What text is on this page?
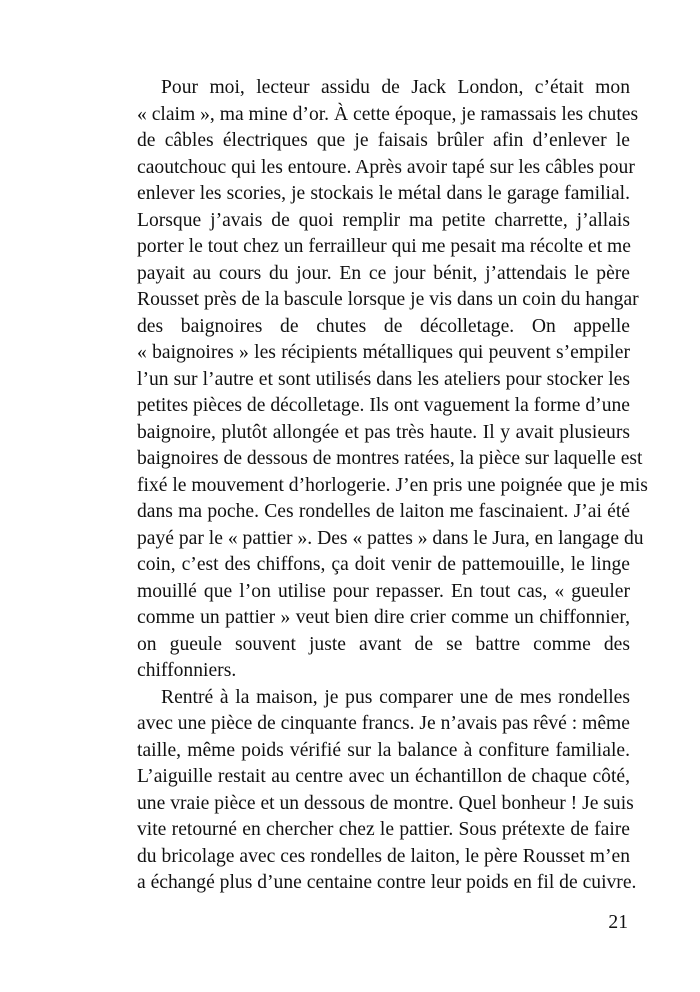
Pour moi, lecteur assidu de Jack London, c’était mon
« claim », ma mine d’or. À cette époque, je ramassais les chutes
de câbles électriques que je faisais brûler afin d’enlever le
caoutchouc qui les entoure. Après avoir tapé sur les câbles pour
enlever les scories, je stockais le métal dans le garage familial.
Lorsque j’avais de quoi remplir ma petite charrette, j’allais
porter le tout chez un ferrailleur qui me pesait ma récolte et me
payait au cours du jour. En ce jour bénit, j’attendais le père
Rousset près de la bascule lorsque je vis dans un coin du hangar
des baignoires de chutes de décolletage. On appelle
« baignoires » les récipients métalliques qui peuvent s’empiler
l’un sur l’autre et sont utilisés dans les ateliers pour stocker les
petites pièces de décolletage. Ils ont vaguement la forme d’une
baignoire, plutôt allongée et pas très haute. Il y avait plusieurs
baignoires de dessous de montres ratées, la pièce sur laquelle est
fixé le mouvement d’horlogerie. J’en pris une poignée que je mis
dans ma poche. Ces rondelles de laiton me fascinaient. J’ai été
payé par le « pattier ». Des « pattes » dans le Jura, en langage du
coin, c’est des chiffons, ça doit venir de pattemouille, le linge
mouillé que l’on utilise pour repasser. En tout cas, « gueuler
comme un pattier » veut bien dire crier comme un chiffonnier,
on gueule souvent juste avant de se battre comme des
chiffonniers.
Rentré à la maison, je pus comparer une de mes rondelles
avec une pièce de cinquante francs. Je n’avais pas rêvé : même
taille, même poids vérifié sur la balance à confiture familiale.
L’aiguille restait au centre avec un échantillon de chaque côté,
une vraie pièce et un dessous de montre. Quel bonheur ! Je suis
vite retourné en chercher chez le pattier. Sous prétexte de faire
du bricolage avec ces rondelles de laiton, le père Rousset m’en
a échangé plus d’une centaine contre leur poids en fil de cuivre.
21
